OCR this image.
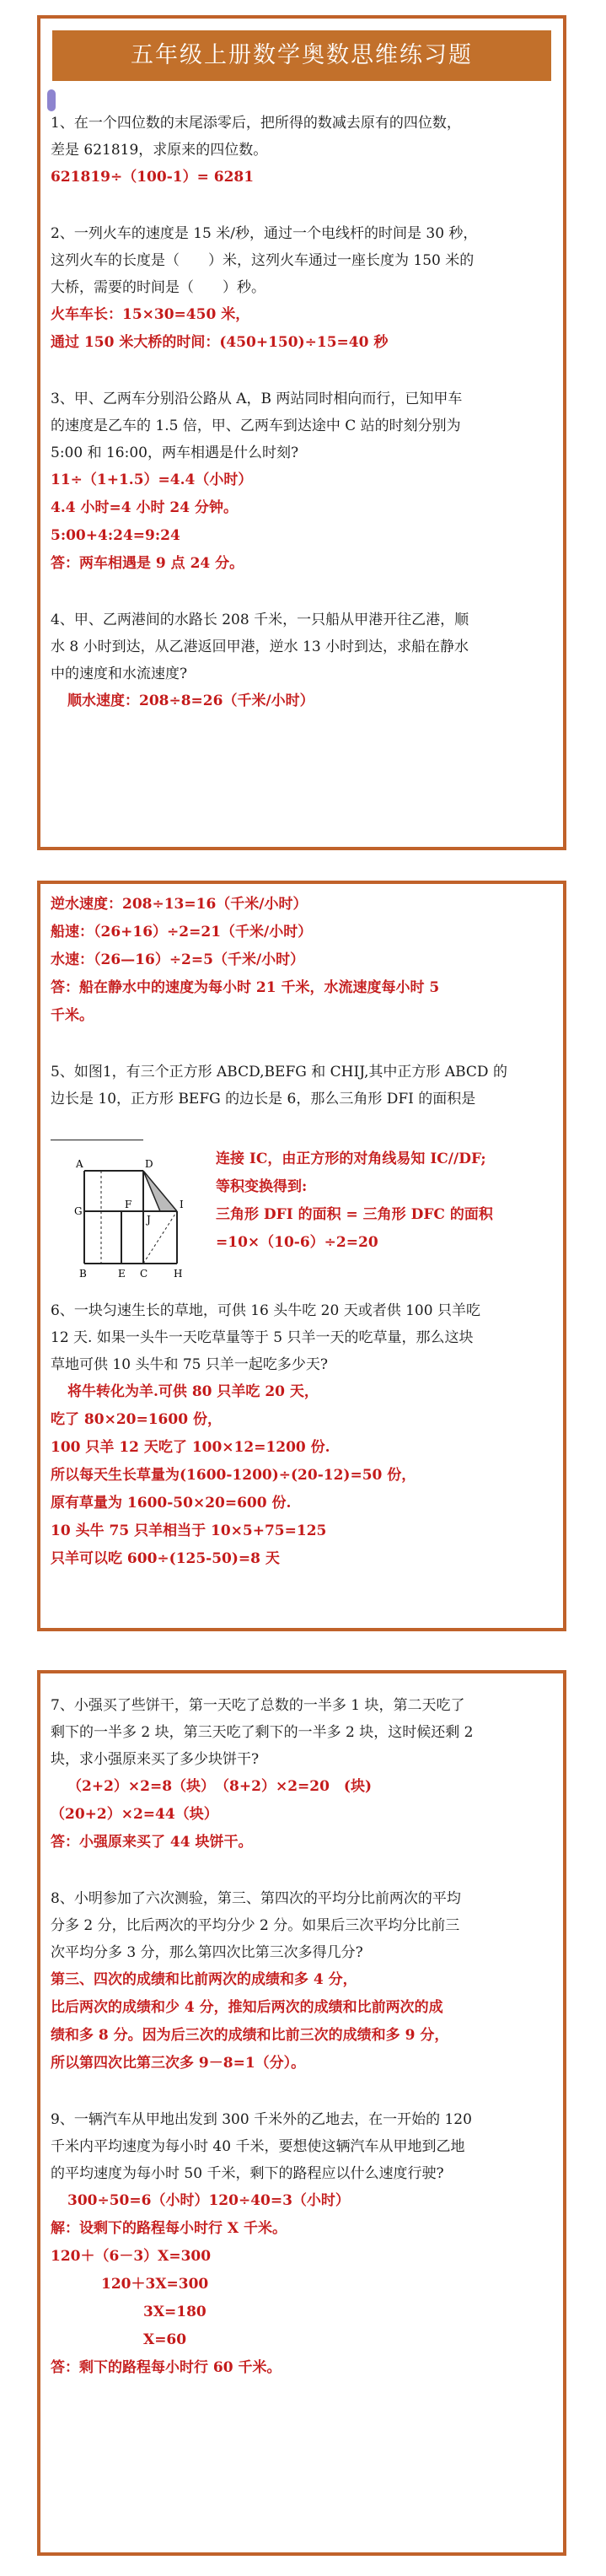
五年级上册数学奥数思维练习题

1、在一个四位数的末尾添零后，把所得的数减去原有的四位数，

差是 621819，求原来的四位数。

621819÷（100-1）= 6281

2、一列火车的速度是 15 米/秒，通过一个电线杆的时间是 30 秒，

这列火车的长度是（　　）米，这列火车通过一座长度为 150 米的

大桥，需要的时间是（　　）秒。

火车车长：15×30=450 米，

通过 150 米大桥的时间：(450+150)÷15=40 秒

3、甲、乙两车分别沿公路从 A，B 两站同时相向而行，已知甲车

的速度是乙车的 1.5 倍，甲、乙两车到达途中 C 站的时刻分别为

5:00 和 16:00，两车相遇是什么时刻?

11÷（1+1.5）=4.4（小时）

4.4 小时=4 小时 24 分钟。

5:00+4:24=9:24

答：两车相遇是 9 点 24 分。

4、甲、乙两港间的水路长 208 千米，一只船从甲港开往乙港，顺

水 8 小时到达，从乙港返回甲港，逆水 13 小时到达，求船在静水

中的速度和水流速度?

顺水速度：208÷8=26（千米/小时）

逆水速度：208÷13=16（千米/小时）

船速：（26+16）÷2=21（千米/小时）

水速：（26—16）÷2=5（千米/小时）

答：船在静水中的速度为每小时 21 千米，水流速度每小时 5

千米。

5、如图1，有三个正方形 ABCD,BEFG 和 CHIJ,其中正方形 ABCD 的

边长是 10，正方形 BEFG 的边长是 6，那么三角形 DFI 的面积是

A	D
G
F
J
B	E C	H
I

连接 IC，由正方形的对角线易知 IC//DF;

等积变换得到:

三角形 DFI 的面积 = 三角形 DFC 的面积

=10×（10-6）÷2=20

6、一块匀速生长的草地，可供 16 头牛吃 20 天或者供 100 只羊吃

12 天. 如果一头牛一天吃草量等于 5 只羊一天的吃草量，那么这块

草地可供 10 头牛和 75 只羊一起吃多少天?

将牛转化为羊.可供 80 只羊吃 20 天，

吃了 80×20=1600 份，

100 只羊 12 天吃了 100×12=1200 份.

所以每天生长草量为(1600-1200)÷(20-12)=50 份，

原有草量为 1600-50×20=600 份.

10 头牛 75 只羊相当于 10×5+75=125

只羊可以吃 600÷(125-50)=8 天

7、小强买了些饼干，第一天吃了总数的一半多 1 块，第二天吃了

剩下的一半多 2 块，第三天吃了剩下的一半多 2 块，这时候还剩 2

块，求小强原来买了多少块饼干?

（2+2）×2=8（块）　（8+2）×2=20　(块)

（20+2）×2=44（块）

答：小强原来买了 44 块饼干。

8、小明参加了六次测验，第三、第四次的平均分比前两次的平均

分多 2 分，比后两次的平均分少 2 分。如果后三次平均分比前三

次平均分多 3 分，那么第四次比第三次多得几分?

第三、四次的成绩和比前两次的成绩和多 4 分，

比后两次的成绩和少 4 分，推知后两次的成绩和比前两次的成

绩和多 8 分。因为后三次的成绩和比前三次的成绩和多 9 分，

所以第四次比第三次多 9－8=1（分）。

9、一辆汽车从甲地出发到 300 千米外的乙地去，在一开始的 120

千米内平均速度为每小时 40 千米，要想使这辆汽车从甲地到乙地

的平均速度为每小时 50 千米，剩下的路程应以什么速度行驶?

300÷50=6（小时）120÷40=3（小时）

解：设剩下的路程每小时行 X 千米。

120＋（6－3）X=300

120＋3X=300

3X=180

X=60

答：剩下的路程每小时行 60 千米。
